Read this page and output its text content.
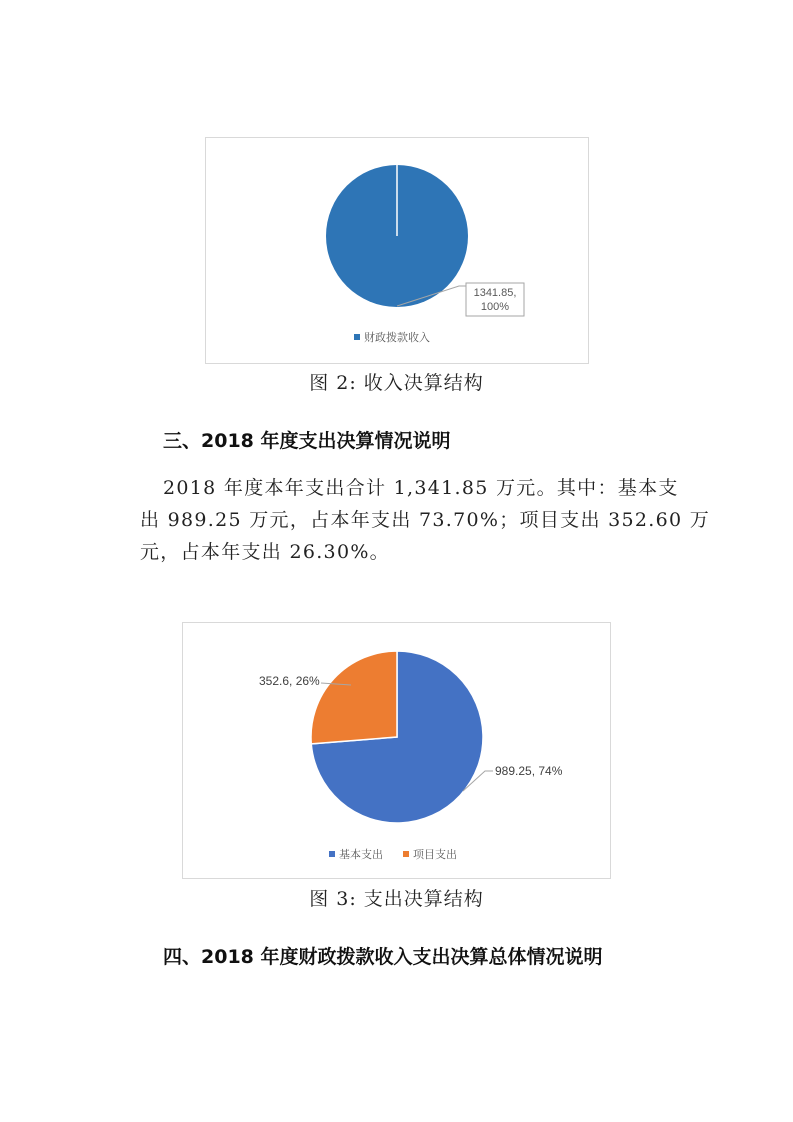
1341.85,
100%
财政拨款收入
图 2: 收入决算结构
三、2018 年度支出决算情况说明
2018 年度本年支出合计 1,341.85 万元。其中：基本支
出 989.25 万元，占本年支出 73.70%；项目支出 352.60 万
元，占本年支出 26.30%。
352.6, 26%
989.25, 74%
基本支出	项目支出
图 3: 支出决算结构
四、2018 年度财政拨款收入支出决算总体情况说明
